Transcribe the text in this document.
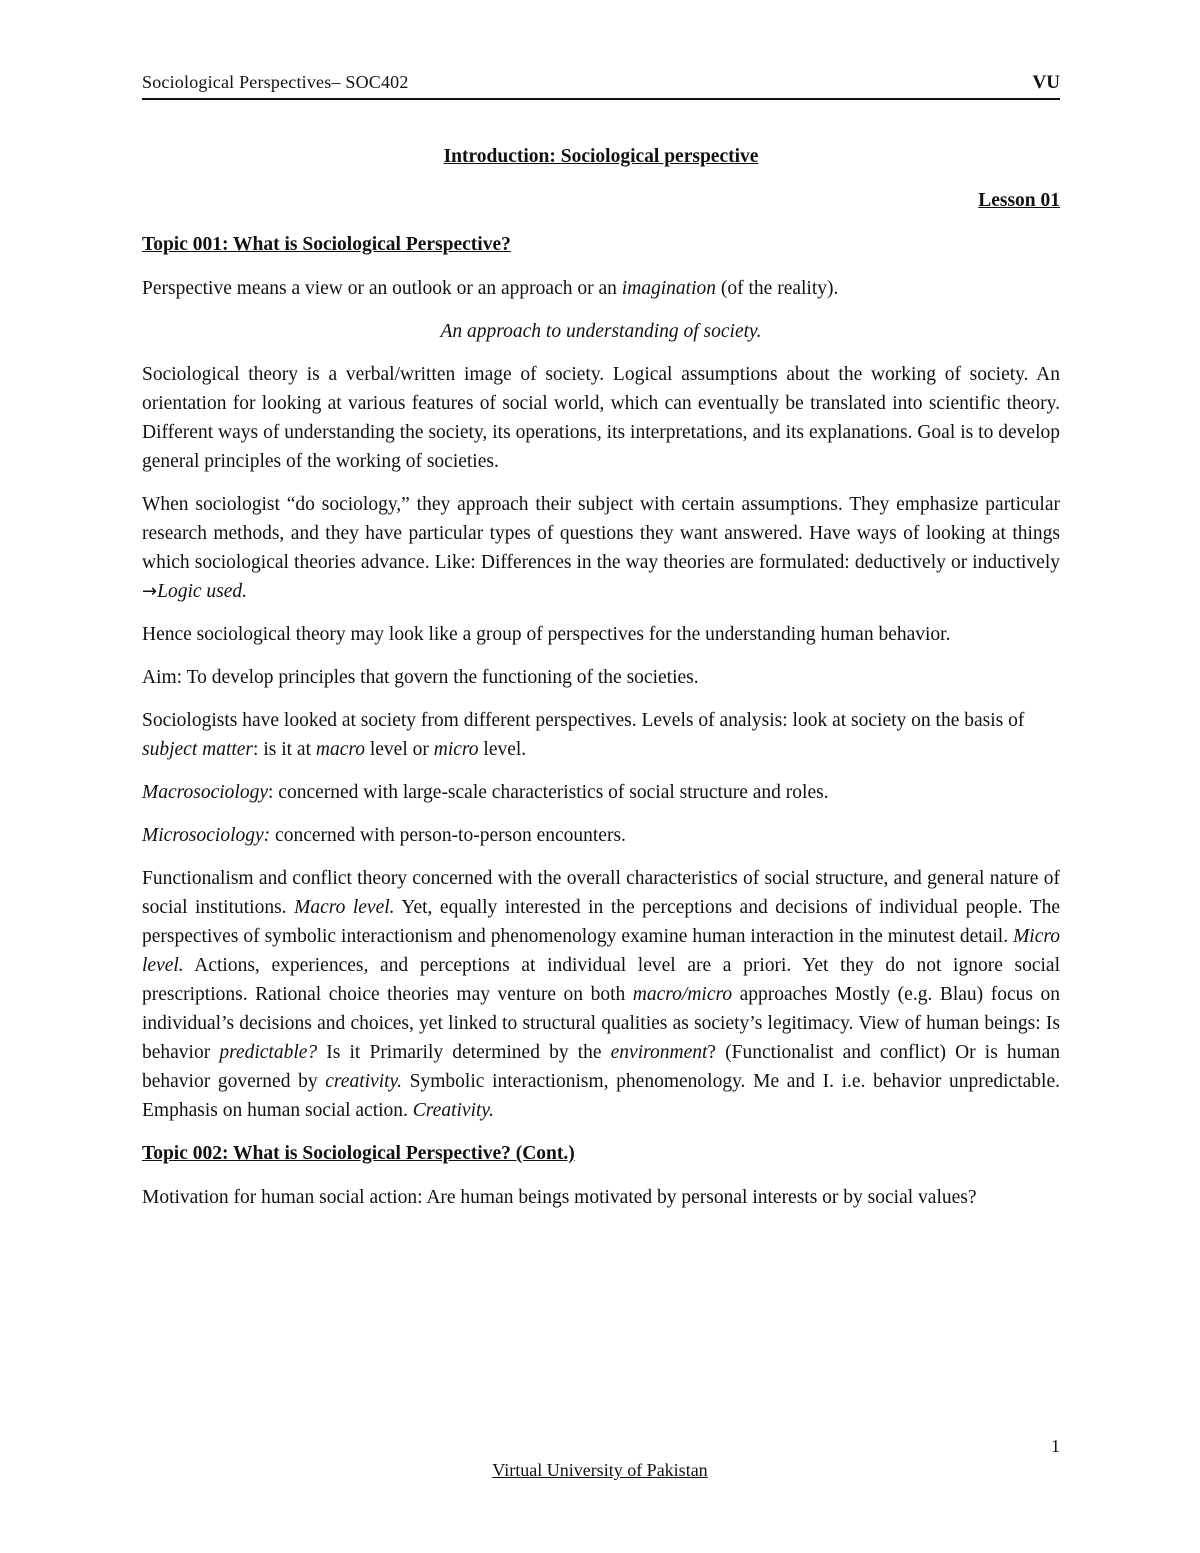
Sociological Perspectives– SOC402	VU
Introduction: Sociological perspective
Lesson 01
Topic 001: What is Sociological Perspective?

Perspective means a view or an outlook or an approach or an imagination (of the reality).

An approach to understanding of society.

Sociological theory is a verbal/written image of society. Logical assumptions about the working of society. An orientation for looking at various features of social world, which can eventually be translated into scientific theory. Different ways of understanding the society, its operations, its interpretations, and its explanations. Goal is to develop general principles of the working of societies.

When sociologist “do sociology,” they approach their subject with certain assumptions. They emphasize particular research methods, and they have particular types of questions they want answered. Have ways of looking at things which sociological theories advance. Like: Differences in the way theories are formulated: deductively or inductively →Logic used.

Hence sociological theory may look like a group of perspectives for the understanding human behavior.

Aim: To develop principles that govern the functioning of the societies.

Sociologists have looked at society from different perspectives. Levels of analysis: look at society on the basis of subject matter: is it at macro level or micro level.

Macrosociology: concerned with large-scale characteristics of social structure and roles.

Microsociology: concerned with person-to-person encounters.

Functionalism and conflict theory concerned with the overall characteristics of social structure, and general nature of social institutions. Macro level. Yet, equally interested in the perceptions and decisions of individual people. The perspectives of symbolic interactionism and phenomenology examine human interaction in the minutest detail. Micro level. Actions, experiences, and perceptions at individual level are a priori. Yet they do not ignore social prescriptions. Rational choice theories may venture on both macro/micro approaches Mostly (e.g. Blau) focus on individual’s decisions and choices, yet linked to structural qualities as society’s legitimacy. View of human beings: Is behavior predictable? Is it Primarily determined by the environment? (Functionalist and conflict) Or is human behavior governed by creativity. Symbolic interactionism, phenomenology. Me and I. i.e. behavior unpredictable. Emphasis on human social action. Creativity.

Topic 002: What is Sociological Perspective? (Cont.)

Motivation for human social action: Are human beings motivated by personal interests or by social values?

1
Virtual University of Pakistan
